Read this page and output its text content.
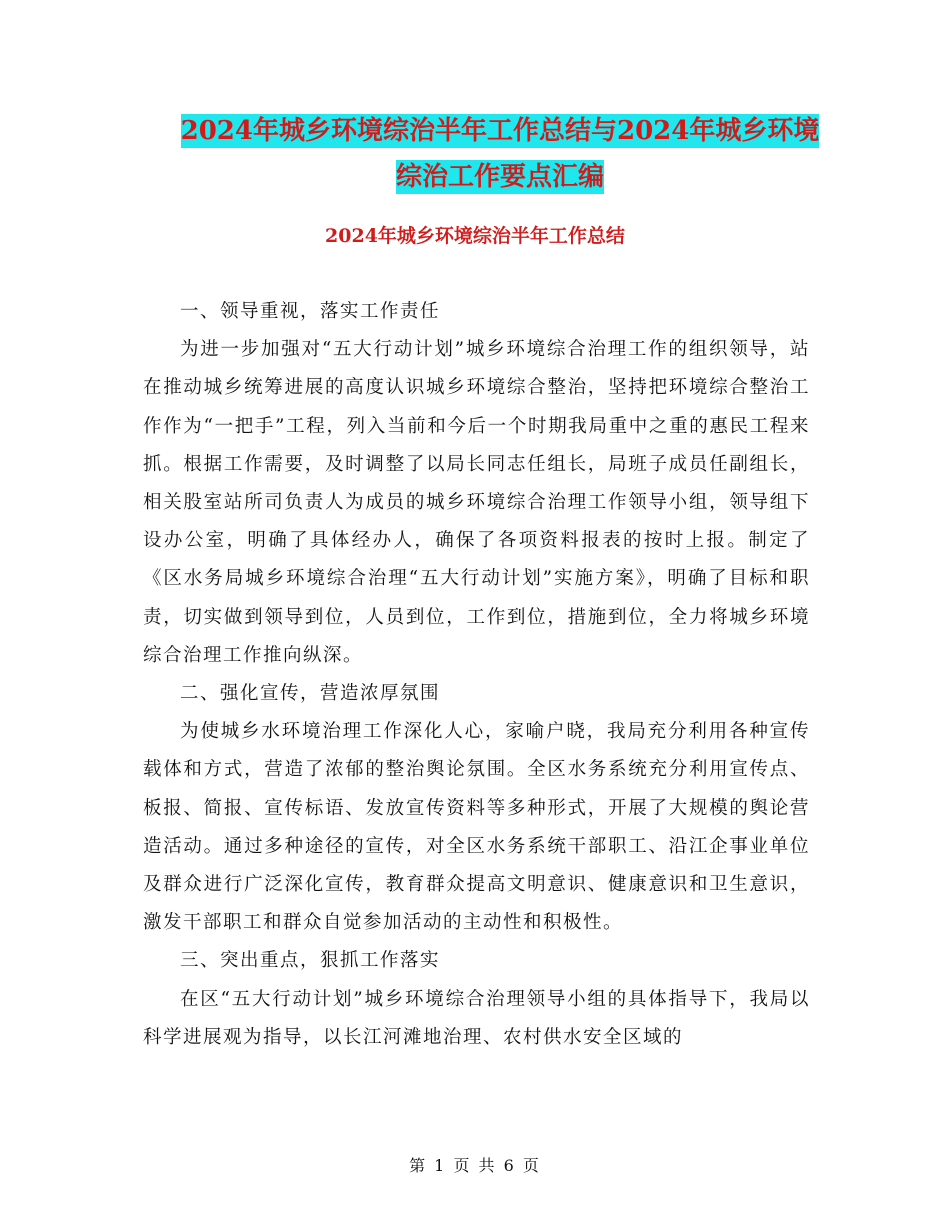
2024年城乡环境综治半年工作总结与2024年城乡环境
综治工作要点汇编
2024年城乡环境综治半年工作总结

一、领导重视，落实工作责任

为进一步加强对“五大行动计划”城乡环境综合治理工作的组织领导，站在推动城乡统筹进展的高度认识城乡环境综合整治，坚持把环境综合整治工作作为“一把手”工程，列入当前和今后一个时期我局重中之重的惠民工程来抓。根据工作需要，及时调整了以局长同志任组长，局班子成员任副组长，相关股室站所司负责人为成员的城乡环境综合治理工作领导小组，领导组下设办公室，明确了具体经办人，确保了各项资料报表的按时上报。制定了《区水务局城乡环境综合治理“五大行动计划”实施方案》，明确了目标和职责，切实做到领导到位，人员到位，工作到位，措施到位，全力将城乡环境综合治理工作推向纵深。

二、强化宣传，营造浓厚氛围

为使城乡水环境治理工作深化人心，家喻户晓，我局充分利用各种宣传载体和方式，营造了浓郁的整治舆论氛围。全区水务系统充分利用宣传点、板报、简报、宣传标语、发放宣传资料等多种形式，开展了大规模的舆论营造活动。通过多种途径的宣传，对全区水务系统干部职工、沿江企事业单位及群众进行广泛深化宣传，教育群众提高文明意识、健康意识和卫生意识，激发干部职工和群众自觉参加活动的主动性和积极性。

三、突出重点，狠抓工作落实

在区“五大行动计划”城乡环境综合治理领导小组的具体指导下，我局以科学进展观为指导，以长江河滩地治理、农村供水安全区域的

第 1 页 共 6 页
